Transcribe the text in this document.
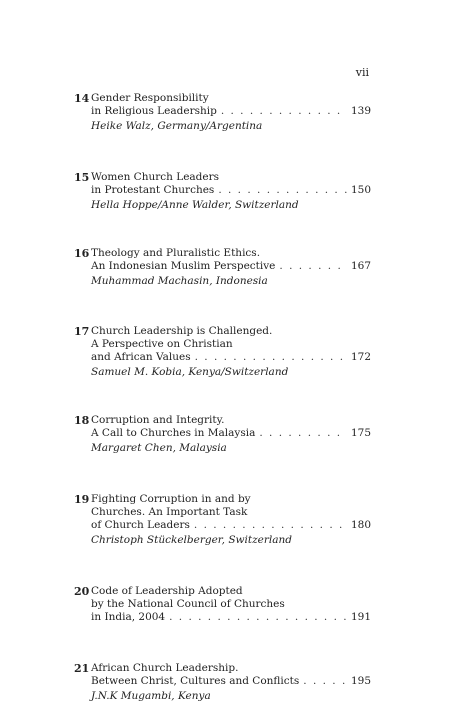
vii
14 Gender Responsibility
in Religious Leadership . . .	139
Heike Walz, Germany/Argentina
15 Women Church Leaders
in Protestant Churches . . .	150
Hella Hoppe/Anne Walder, Switzerland
16 Theology and Pluralistic Ethics.
An Indonesian Muslim Perspective . . .	167
Muhammad Machasin, Indonesia
17 Church Leadership is Challenged.
A Perspective on Christian
and African Values . . .	172
Samuel M. Kobia, Kenya/Switzerland
18 Corruption and Integrity.
A Call to Churches in Malaysia . . .	175
Margaret Chen, Malaysia
19 Fighting Corruption in and by
Churches. An Important Task
of Church Leaders . . .	180
Christoph Stückelberger, Switzerland
20 Code of Leadership Adopted
by the National Council of Churches
in India, 2004 . . .	191
21 African Church Leadership.
Between Christ, Cultures and Conflicts . . .	195
J.N.K Mugambi, Kenya
